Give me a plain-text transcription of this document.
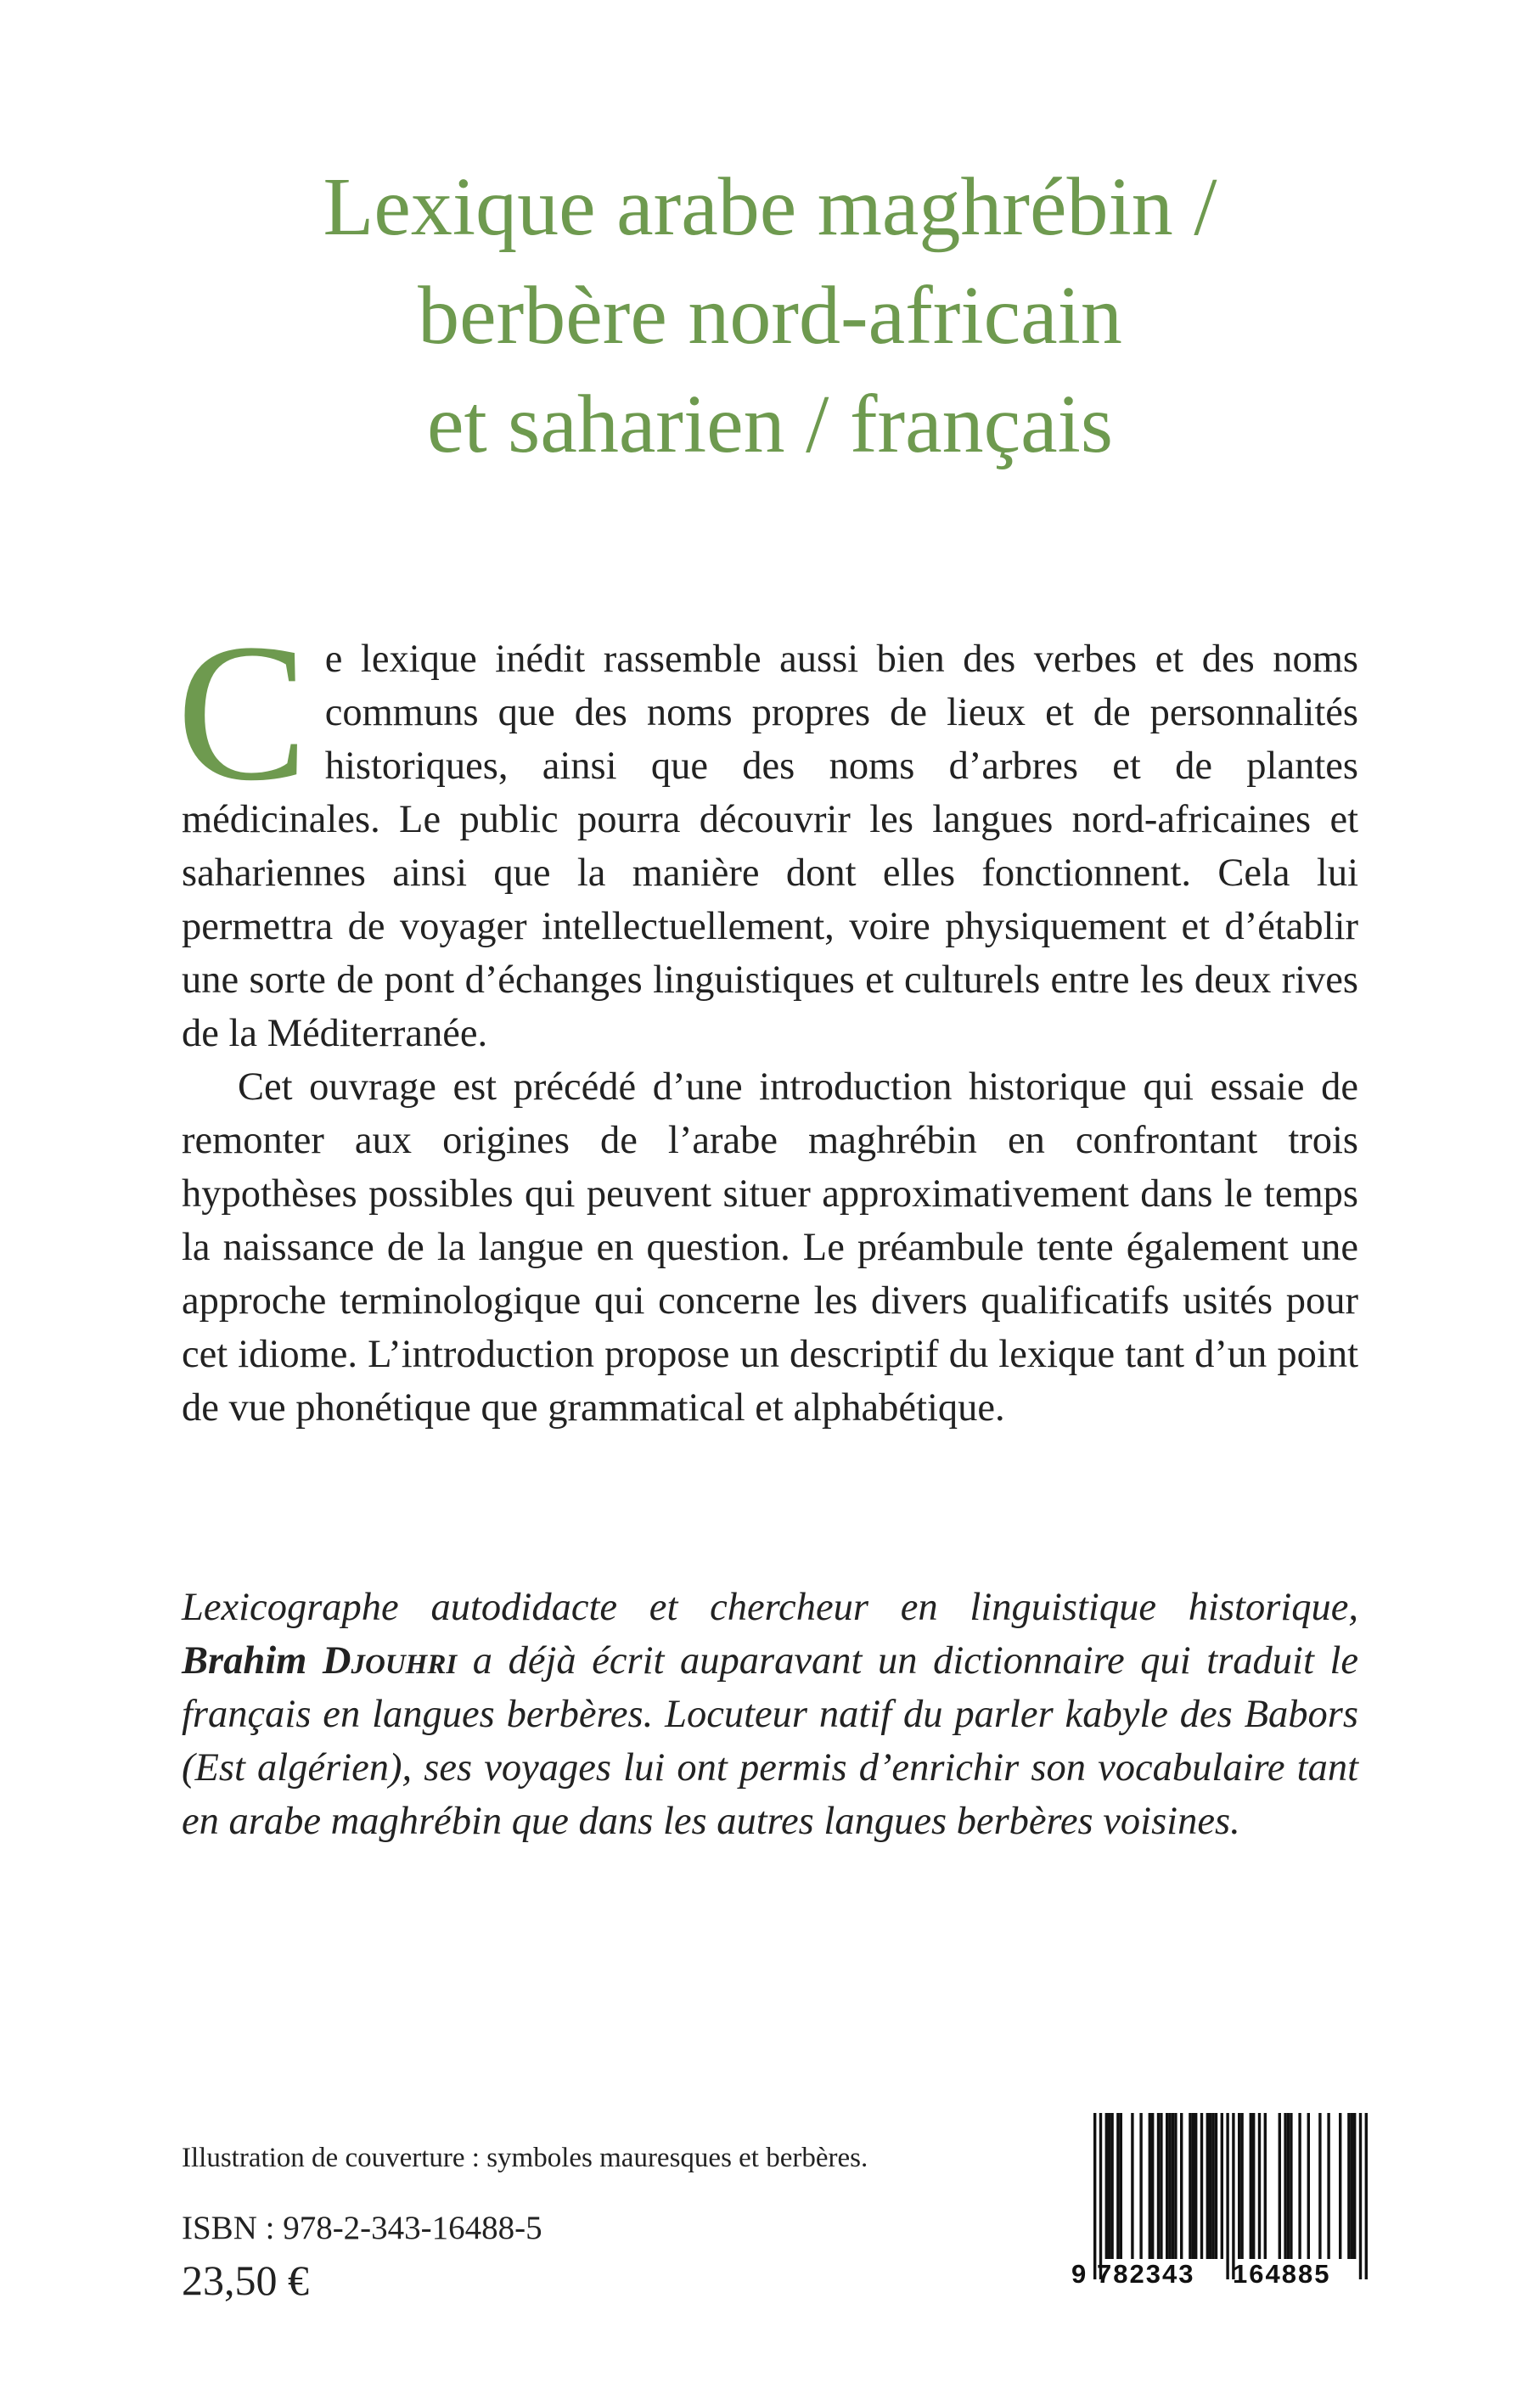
Lexique arabe maghrébin /
berbère nord-africain
et saharien / français

Ce lexique inédit rassemble aussi bien des verbes et des noms communs que des noms propres de lieux et de personnalités historiques, ainsi que des noms d’arbres et de plantes médicinales. Le public pourra découvrir les langues nord-africaines et sahariennes ainsi que la manière dont elles fonctionnent. Cela lui permettra de voyager intellectuellement, voire physiquement et d’établir une sorte de pont d’échanges linguistiques et culturels entre les deux rives de la Méditerranée.

Cet ouvrage est précédé d’une introduction historique qui essaie de remonter aux origines de l’arabe maghrébin en confrontant trois hypothèses possibles qui peuvent situer approximativement dans le temps la naissance de la langue en question. Le préambule tente également une approche terminologique qui concerne les divers qualificatifs usités pour cet idiome. L’introduction propose un descriptif du lexique tant d’un point de vue phonétique que grammatical et alphabétique.

Lexicographe autodidacte et chercheur en linguistique historique, Brahim Djouhri a déjà écrit auparavant un dictionnaire qui traduit le français en langues berbères. Locuteur natif du parler kabyle des Babors (Est algérien), ses voyages lui ont permis d’enrichir son vocabulaire tant en arabe maghrébin que dans les autres langues berbères voisines.

Illustration de couverture : symboles mauresques et berbères.
ISBN : 978-2-343-16488-5
23,50 €	9 782343 164885
